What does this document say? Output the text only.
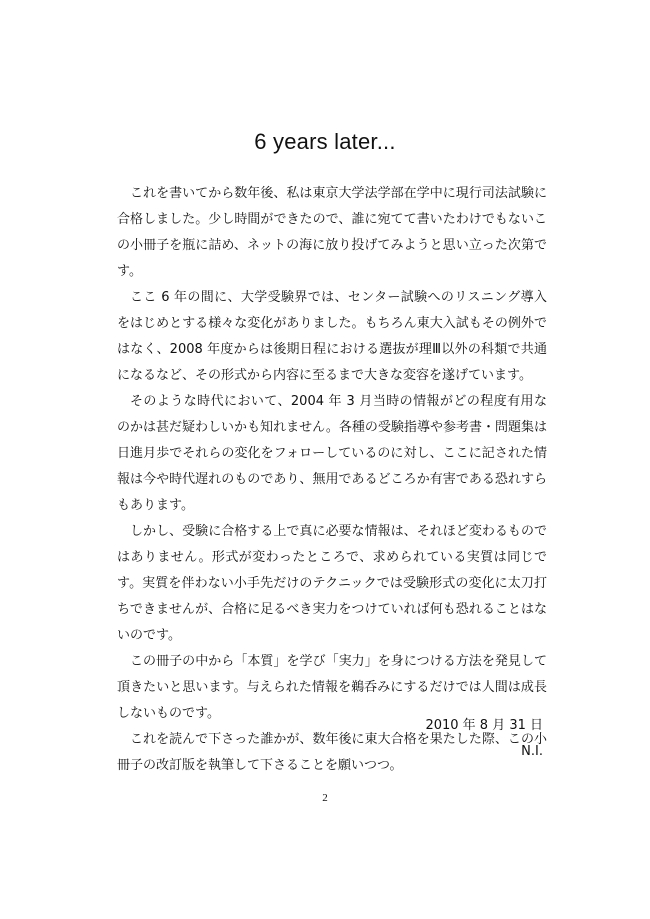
6 years later...

これを書いてから数年後、私は東京大学法学部在学中に現行司法試験に合格しました。少し時間ができたので、誰に宛てて書いたわけでもないこの小冊子を瓶に詰め、ネットの海に放り投げてみようと思い立った次第です。

ここ 6 年の間に、大学受験界では、センター試験へのリスニング導入をはじめとする様々な変化がありました。もちろん東大入試もその例外ではなく、2008 年度からは後期日程における選抜が理Ⅲ以外の科類で共通になるなど、その形式から内容に至るまで大きな変容を遂げています。

そのような時代において、2004 年 3 月当時の情報がどの程度有用なのかは甚だ疑わしいかも知れません。各種の受験指導や参考書・問題集は日進月歩でそれらの変化をフォローしているのに対し、ここに記された情報は今や時代遅れのものであり、無用であるどころか有害である恐れすらもあります。

しかし、受験に合格する上で真に必要な情報は、それほど変わるものではありません。形式が変わったところで、求められている実質は同じです。実質を伴わない小手先だけのテクニックでは受験形式の変化に太刀打ちできませんが、合格に足るべき実力をつけていれば何も恐れることはないのです。

この冊子の中から「本質」を学び「実力」を身につける方法を発見して頂きたいと思います。与えられた情報を鵜呑みにするだけでは人間は成長しないものです。

これを読んで下さった誰かが、数年後に東大合格を果たした際、この小冊子の改訂版を執筆して下さることを願いつつ。

2010 年 8 月 31 日
N.I.
2
